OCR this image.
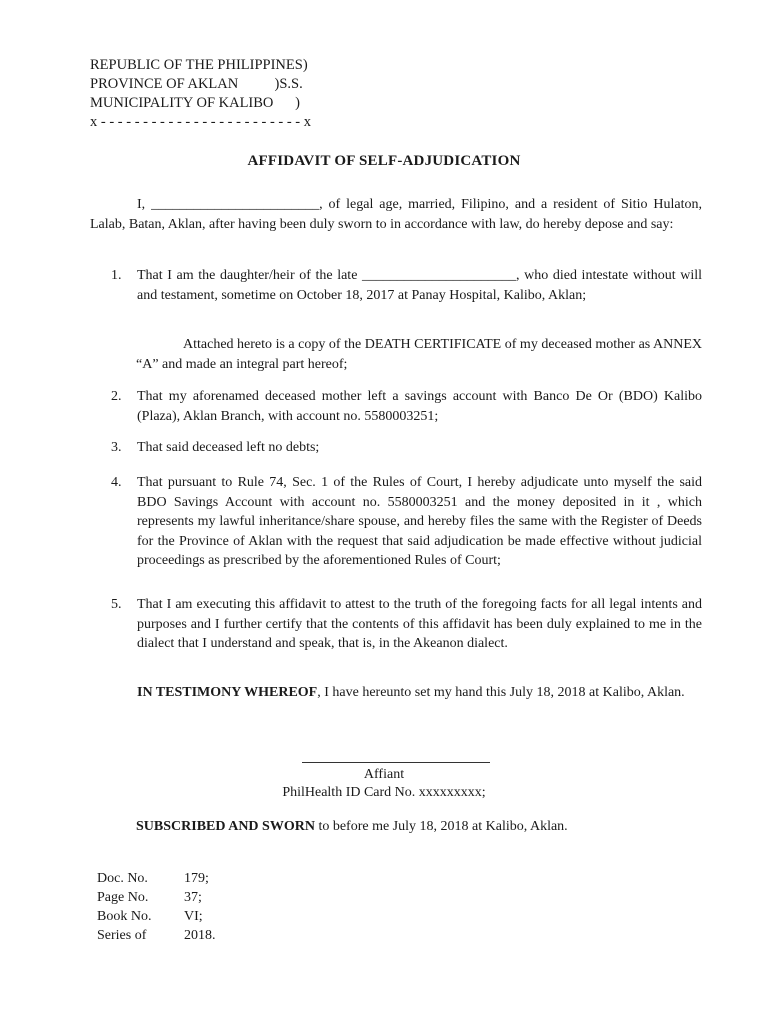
REPUBLIC OF THE PHILIPPINES)
PROVINCE OF AKLAN          )S.S.
MUNICIPALITY OF KALIBO      )
x - - - - - - - - - - - - - - - - - - - - - - - - x
AFFIDAVIT OF SELF-ADJUDICATION
I, ________________________, of legal age, married, Filipino, and a resident of Sitio Hulaton, Lalab, Batan, Aklan, after having been duly sworn to in accordance with law, do hereby depose and say:
1.	That I am the daughter/heir of the late ______________________, who died intestate without will and testament, sometime on October 18, 2017 at Panay Hospital, Kalibo, Aklan;
Attached hereto is a copy of the DEATH CERTIFICATE of my deceased mother as ANNEX “A” and made an integral part hereof;
2.	That my aforenamed deceased mother left a savings account with Banco De Or (BDO) Kalibo (Plaza), Aklan Branch, with account no. 5580003251;
3.	That said deceased left no debts;
4.	That pursuant to Rule 74, Sec. 1 of the Rules of Court, I hereby adjudicate unto myself the said BDO Savings Account with account no. 5580003251 and the money deposited in it , which represents my lawful inheritance/share spouse, and hereby files the same with the Register of Deeds for the Province of Aklan with the request that said adjudication be made effective without judicial proceedings as prescribed by the aforementioned Rules of Court;
5.	That I am executing this affidavit to attest to the truth of the foregoing facts for all legal intents and purposes and I further certify that the contents of this affidavit has been duly explained to me in the dialect that I understand and speak, that is, in the Akeanon dialect.
IN TESTIMONY WHEREOF, I have hereunto set my hand this July 18, 2018 at Kalibo, Aklan.
Affiant
PhilHealth ID Card No. xxxxxxxxx;
SUBSCRIBED AND SWORN to before me July 18, 2018 at Kalibo, Aklan.
Doc. No.	179;
Page No.	37;
Book No. VI;
Series of	2018.
